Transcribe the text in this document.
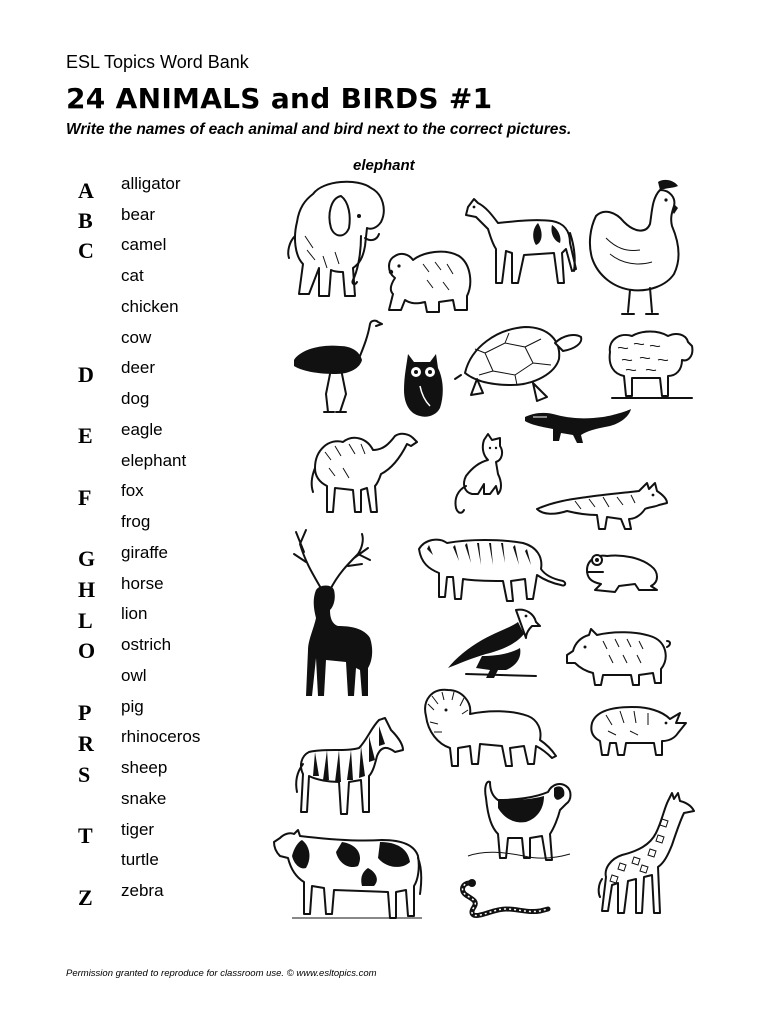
ESL Topics Word Bank
24 ANIMALS and BIRDS #1
Write the names of each animal and bird next to the correct pictures.
elephant
A
B
C
D
E
F
G
H
L
O
P
R
S
T
Z
alligator
bear
camel
cat
chicken
cow
deer
dog
eagle
elephant
fox
frog
giraffe
horse
lion
ostrich
owl
pig
rhinoceros
sheep
snake
tiger
turtle
zebra
Permission granted to reproduce for classroom use. © www.esltopics.com
